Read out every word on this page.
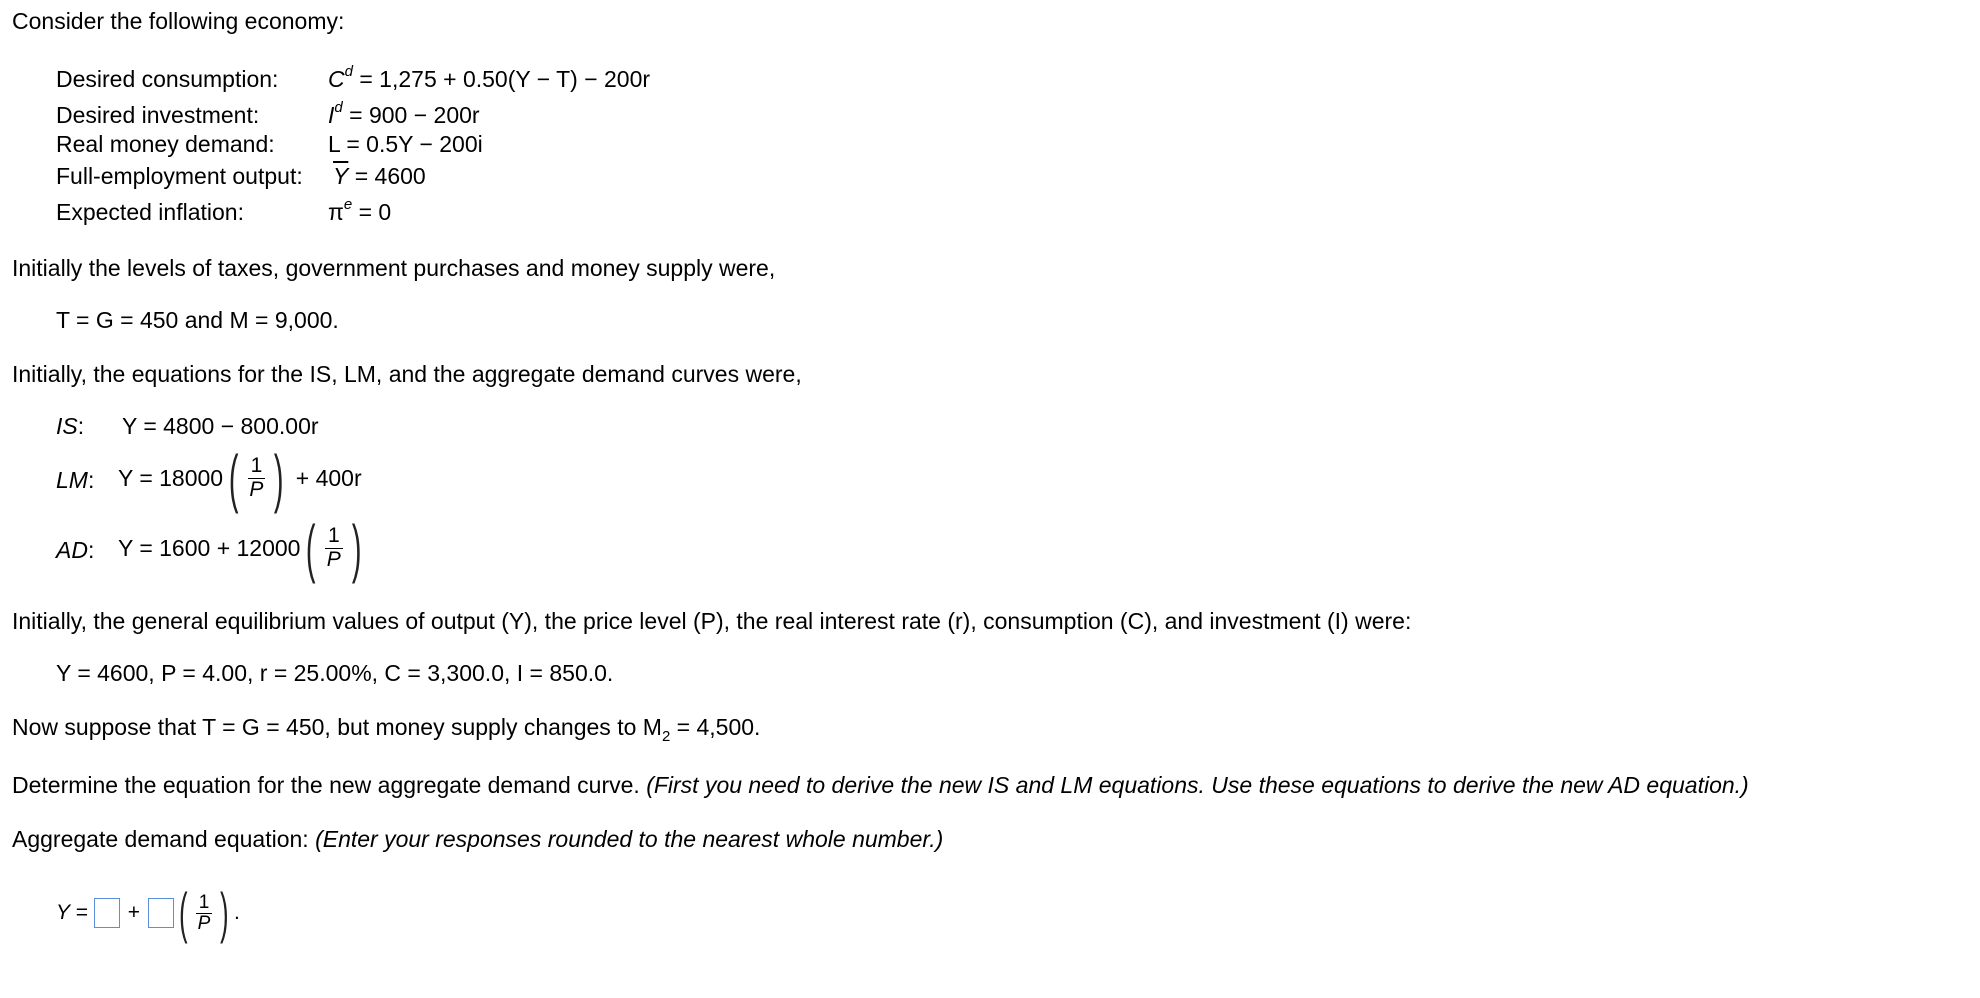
Consider the following economy:
Desired consumption: $C^d = 1,275 + 0.50(Y - T) - 200r$
Desired investment:	$I^d = 900 - 200r$
Real money demand: L = 0.5Y − 200i
Full-employment output: $\overline{Y} = 4600$
Expected inflation:	$\pi^e = 0$
Initially the levels of taxes, government purchases and money supply were,
T = G = 450 and M = 9,000.
Initially, the equations for the IS, LM, and the aggregate demand curves were,
IS: Y = 4800 − 800.00r
LM: Y = 18000 ( $\frac{1}{P}$ ) + 400r
AD: Y = 1600 + 12000 ( $\frac{1}{P}$ )
Initially, the general equilibrium values of output (Y), the price level (P), the real interest rate (r), consumption (C), and investment (I) were:
Y = 4600, P = 4.00, r = 25.00%, C = 3,300.0, I = 850.0.
Now suppose that T = G = 450, but money supply changes to $M_2 = 4,500$.
Determine the equation for the new aggregate demand curve. (First you need to derive the new IS and LM equations. Use these equations to derive the new AD equation.)
Aggregate demand equation: (Enter your responses rounded to the nearest whole number.)
Y = + ( $\frac{1}{P}$ ) .
